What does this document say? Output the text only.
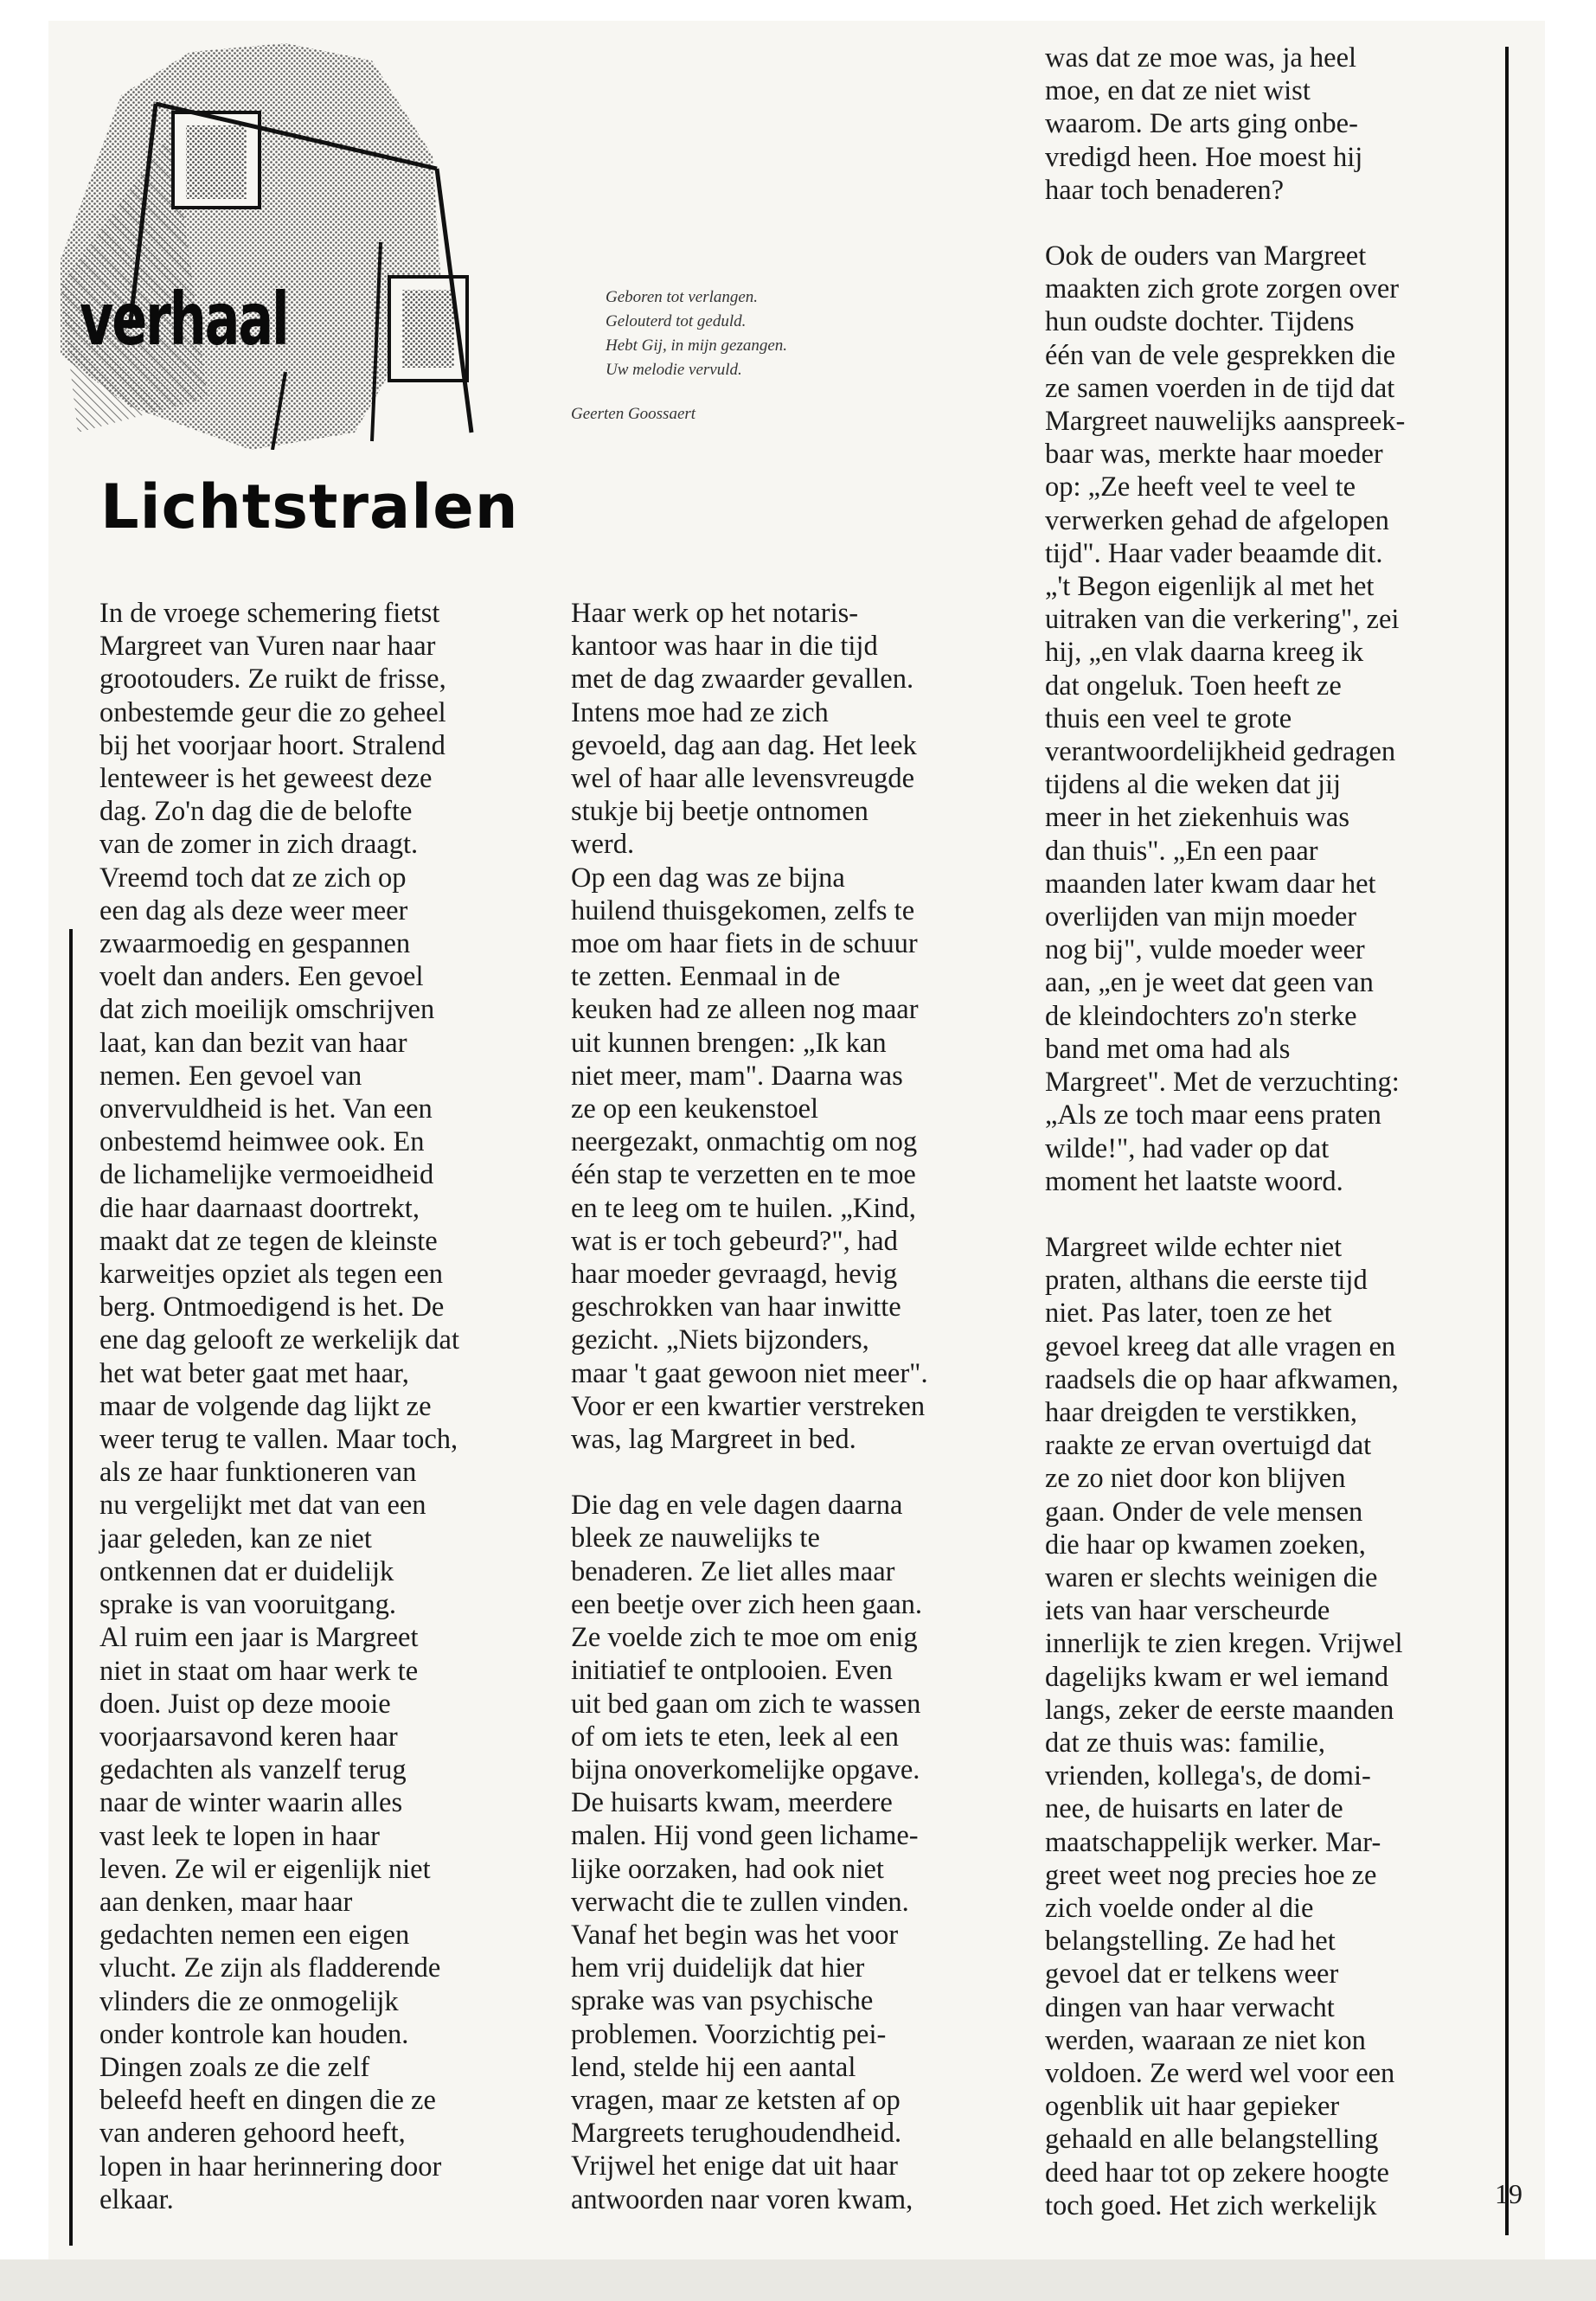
verhaal
Lichtstralen
Geboren tot verlangen.
Gelouterd tot geduld.
Hebt Gij, in mijn gezangen.
Uw melodie vervuld.
Geerten Goossaert
In de vroege schemering fietst
Margreet van Vuren naar haar
grootouders. Ze ruikt de frisse,
onbestemde geur die zo geheel
bij het voorjaar hoort. Stralend
lenteweer is het geweest deze
dag. Zo'n dag die de belofte
van de zomer in zich draagt.
Vreemd toch dat ze zich op
een dag als deze weer meer
zwaarmoedig en gespannen
voelt dan anders. Een gevoel
dat zich moeilijk omschrijven
laat, kan dan bezit van haar
nemen. Een gevoel van
onvervuldheid is het. Van een
onbestemd heimwee ook. En
de lichamelijke vermoeidheid
die haar daarnaast doortrekt,
maakt dat ze tegen de kleinste
karweitjes opziet als tegen een
berg. Ontmoedigend is het. De
ene dag gelooft ze werkelijk dat
het wat beter gaat met haar,
maar de volgende dag lijkt ze
weer terug te vallen. Maar toch,
als ze haar funktioneren van
nu vergelijkt met dat van een
jaar geleden, kan ze niet
ontkennen dat er duidelijk
sprake is van vooruitgang.
Al ruim een jaar is Margreet
niet in staat om haar werk te
doen. Juist op deze mooie
voorjaarsavond keren haar
gedachten als vanzelf terug
naar de winter waarin alles
vast leek te lopen in haar
leven. Ze wil er eigenlijk niet
aan denken, maar haar
gedachten nemen een eigen
vlucht. Ze zijn als fladderende
vlinders die ze onmogelijk
onder kontrole kan houden.
Dingen zoals ze die zelf
beleefd heeft en dingen die ze
van anderen gehoord heeft,
lopen in haar herinnering door
elkaar.
Haar werk op het notaris-
kantoor was haar in die tijd
met de dag zwaarder gevallen.
Intens moe had ze zich
gevoeld, dag aan dag. Het leek
wel of haar alle levensvreugde
stukje bij beetje ontnomen
werd.
Op een dag was ze bijna
huilend thuisgekomen, zelfs te
moe om haar fiets in de schuur
te zetten. Eenmaal in de
keuken had ze alleen nog maar
uit kunnen brengen: „Ik kan
niet meer, mam". Daarna was
ze op een keukenstoel
neergezakt, onmachtig om nog
één stap te verzetten en te moe
en te leeg om te huilen. „Kind,
wat is er toch gebeurd?", had
haar moeder gevraagd, hevig
geschrokken van haar inwitte
gezicht. „Niets bijzonders,
maar 't gaat gewoon niet meer".
Voor er een kwartier verstreken
was, lag Margreet in bed.
Die dag en vele dagen daarna
bleek ze nauwelijks te
benaderen. Ze liet alles maar
een beetje over zich heen gaan.
Ze voelde zich te moe om enig
initiatief te ontplooien. Even
uit bed gaan om zich te wassen
of om iets te eten, leek al een
bijna onoverkomelijke opgave.
De huisarts kwam, meerdere
malen. Hij vond geen lichame-
lijke oorzaken, had ook niet
verwacht die te zullen vinden.
Vanaf het begin was het voor
hem vrij duidelijk dat hier
sprake was van psychische
problemen. Voorzichtig pei-
lend, stelde hij een aantal
vragen, maar ze ketsten af op
Margreets terughoudendheid.
Vrijwel het enige dat uit haar
antwoorden naar voren kwam,
was dat ze moe was, ja heel
moe, en dat ze niet wist
waarom. De arts ging onbe-
vredigd heen. Hoe moest hij
haar toch benaderen?
Ook de ouders van Margreet
maakten zich grote zorgen over
hun oudste dochter. Tijdens
één van de vele gesprekken die
ze samen voerden in de tijd dat
Margreet nauwelijks aanspreek-
baar was, merkte haar moeder
op: „Ze heeft veel te veel te
verwerken gehad de afgelopen
tijd". Haar vader beaamde dit.
„'t Begon eigenlijk al met het
uitraken van die verkering", zei
hij, „en vlak daarna kreeg ik
dat ongeluk. Toen heeft ze
thuis een veel te grote
verantwoordelijkheid gedragen
tijdens al die weken dat jij
meer in het ziekenhuis was
dan thuis". „En een paar
maanden later kwam daar het
overlijden van mijn moeder
nog bij", vulde moeder weer
aan, „en je weet dat geen van
de kleindochters zo'n sterke
band met oma had als
Margreet". Met de verzuchting:
„Als ze toch maar eens praten
wilde!", had vader op dat
moment het laatste woord.
Margreet wilde echter niet
praten, althans die eerste tijd
niet. Pas later, toen ze het
gevoel kreeg dat alle vragen en
raadsels die op haar afkwamen,
haar dreigden te verstikken,
raakte ze ervan overtuigd dat
ze zo niet door kon blijven
gaan. Onder de vele mensen
die haar op kwamen zoeken,
waren er slechts weinigen die
iets van haar verscheurde
innerlijk te zien kregen. Vrijwel
dagelijks kwam er wel iemand
langs, zeker de eerste maanden
dat ze thuis was: familie,
vrienden, kollega's, de domi-
nee, de huisarts en later de
maatschappelijk werker. Mar-
greet weet nog precies hoe ze
zich voelde onder al die
belangstelling. Ze had het
gevoel dat er telkens weer
dingen van haar verwacht
werden, waaraan ze niet kon
voldoen. Ze werd wel voor een
ogenblik uit haar gepieker
gehaald en alle belangstelling
deed haar tot op zekere hoogte
toch goed. Het zich werkelijk	19
